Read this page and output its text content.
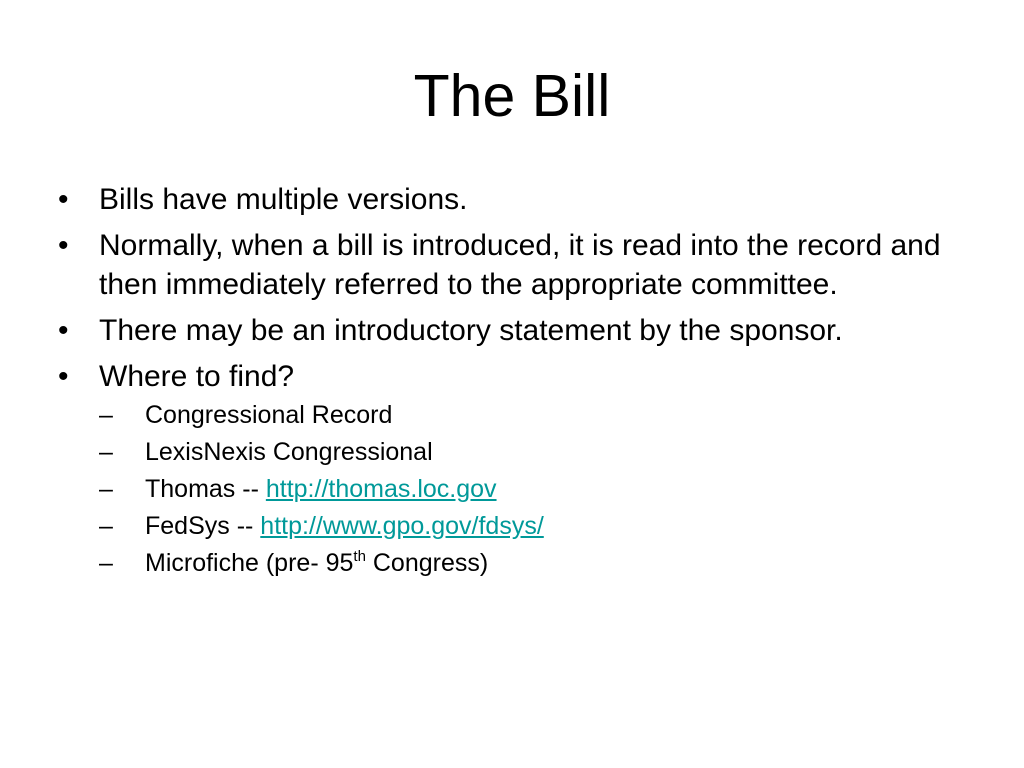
The Bill
•	Bills have multiple versions.
•	Normally, when a bill is introduced, it is read into the record and then immediately referred to the appropriate committee.
•	There may be an introductory statement by the sponsor.
•	Where to find?
–	Congressional Record
–	LexisNexis Congressional
–	Thomas -- http://thomas.loc.gov
–	FedSys -- http://www.gpo.gov/fdsys/
–	Microfiche (pre- 95th Congress)
